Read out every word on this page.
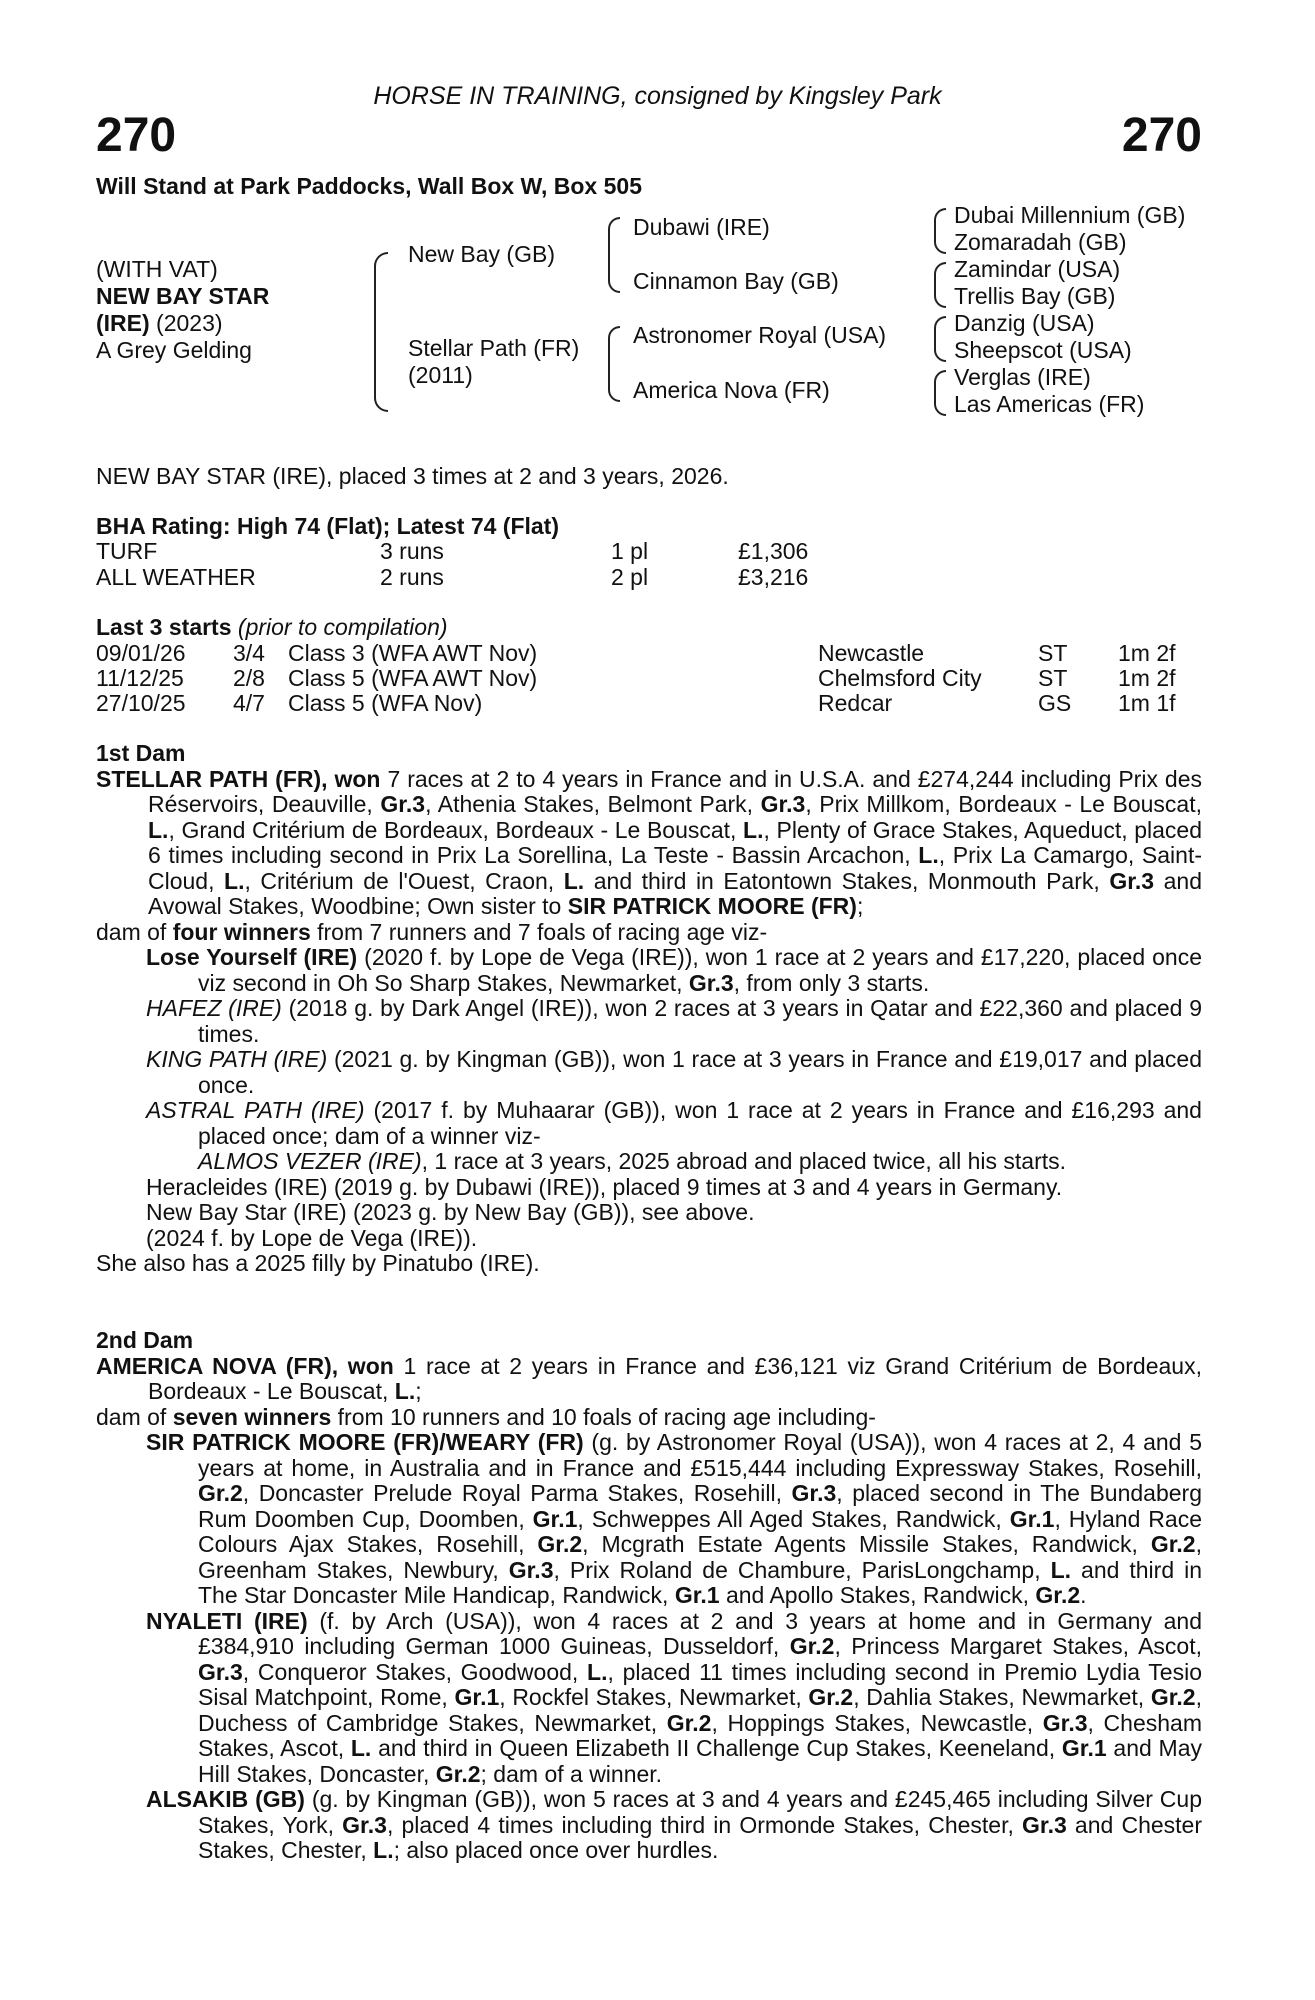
HORSE IN TRAINING, consigned by Kingsley Park
270	270
Will Stand at Park Paddocks, Wall Box W, Box 505
(WITH VAT)
NEW BAY STAR
(IRE) (2023)
A Grey Gelding
New Bay (GB)
Stellar Path (FR)
(2011)
Dubawi (IRE)
Cinnamon Bay (GB)
Astronomer Royal (USA)
America Nova (FR)
Dubai Millennium (GB)
Zomaradah (GB)
Zamindar (USA)
Trellis Bay (GB)
Danzig (USA)
Sheepscot (USA)
Verglas (IRE)
Las Americas (FR)
NEW BAY STAR (IRE), placed 3 times at 2 and 3 years, 2026.
BHA Rating: High 74 (Flat); Latest 74 (Flat)
TURF	3 runs	1 pl	£1,306
ALL WEATHER	2 runs	2 pl	£3,216
Last 3 starts (prior to compilation)
09/01/26 3/4 Class 3 (WFA AWT Nov)	Newcastle	ST 1m 2f
11/12/25 2/8 Class 5 (WFA AWT Nov)	Chelmsford City ST 1m 2f
27/10/25 4/7 Class 5 (WFA Nov)	Redcar	GS 1m 1f

1st Dam

STELLAR PATH (FR), won 7 races at 2 to 4 years in France and in U.S.A. and £274,244 including Prix des Réservoirs, Deauville, Gr.3, Athenia Stakes, Belmont Park, Gr.3, Prix Millkom, Bordeaux - Le Bouscat, L., Grand Critérium de Bordeaux, Bordeaux - Le Bouscat, L., Plenty of Grace Stakes, Aqueduct, placed 6 times including second in Prix La Sorellina, La Teste - Bassin Arcachon, L., Prix La Camargo, Saint-Cloud, L., Critérium de l'Ouest, Craon, L. and third in Eatontown Stakes, Monmouth Park, Gr.3 and Avowal Stakes, Woodbine; Own sister to SIR PATRICK MOORE (FR);

dam of four winners from 7 runners and 7 foals of racing age viz-

Lose Yourself (IRE) (2020 f. by Lope de Vega (IRE)), won 1 race at 2 years and £17,220, placed once viz second in Oh So Sharp Stakes, Newmarket, Gr.3, from only 3 starts.

HAFEZ (IRE) (2018 g. by Dark Angel (IRE)), won 2 races at 3 years in Qatar and £22,360 and placed 9 times.

KING PATH (IRE) (2021 g. by Kingman (GB)), won 1 race at 3 years in France and £19,017 and placed once.

ASTRAL PATH (IRE) (2017 f. by Muhaarar (GB)), won 1 race at 2 years in France and £16,293 and placed once; dam of a winner viz-

ALMOS VEZER (IRE), 1 race at 3 years, 2025 abroad and placed twice, all his starts.

Heracleides (IRE) (2019 g. by Dubawi (IRE)), placed 9 times at 3 and 4 years in Germany.

New Bay Star (IRE) (2023 g. by New Bay (GB)), see above.

(2024 f. by Lope de Vega (IRE)).

She also has a 2025 filly by Pinatubo (IRE).

2nd Dam

AMERICA NOVA (FR), won 1 race at 2 years in France and £36,121 viz Grand Critérium de Bordeaux, Bordeaux - Le Bouscat, L.;

dam of seven winners from 10 runners and 10 foals of racing age including-

SIR PATRICK MOORE (FR)/WEARY (FR) (g. by Astronomer Royal (USA)), won 4 races at 2, 4 and 5 years at home, in Australia and in France and £515,444 including Expressway Stakes, Rosehill, Gr.2, Doncaster Prelude Royal Parma Stakes, Rosehill, Gr.3, placed second in The Bundaberg Rum Doomben Cup, Doomben, Gr.1, Schweppes All Aged Stakes, Randwick, Gr.1, Hyland Race Colours Ajax Stakes, Rosehill, Gr.2, Mcgrath Estate Agents Missile Stakes, Randwick, Gr.2, Greenham Stakes, Newbury, Gr.3, Prix Roland de Chambure, ParisLongchamp, L. and third in The Star Doncaster Mile Handicap, Randwick, Gr.1 and Apollo Stakes, Randwick, Gr.2.

NYALETI (IRE) (f. by Arch (USA)), won 4 races at 2 and 3 years at home and in Germany and £384,910 including German 1000 Guineas, Dusseldorf, Gr.2, Princess Margaret Stakes, Ascot, Gr.3, Conqueror Stakes, Goodwood, L., placed 11 times including second in Premio Lydia Tesio Sisal Matchpoint, Rome, Gr.1, Rockfel Stakes, Newmarket, Gr.2, Dahlia Stakes, Newmarket, Gr.2, Duchess of Cambridge Stakes, Newmarket, Gr.2, Hoppings Stakes, Newcastle, Gr.3, Chesham Stakes, Ascot, L. and third in Queen Elizabeth II Challenge Cup Stakes, Keeneland, Gr.1 and May Hill Stakes, Doncaster, Gr.2; dam of a winner.

ALSAKIB (GB) (g. by Kingman (GB)), won 5 races at 3 and 4 years and £245,465 including Silver Cup Stakes, York, Gr.3, placed 4 times including third in Ormonde Stakes, Chester, Gr.3 and Chester Stakes, Chester, L.; also placed once over hurdles.
